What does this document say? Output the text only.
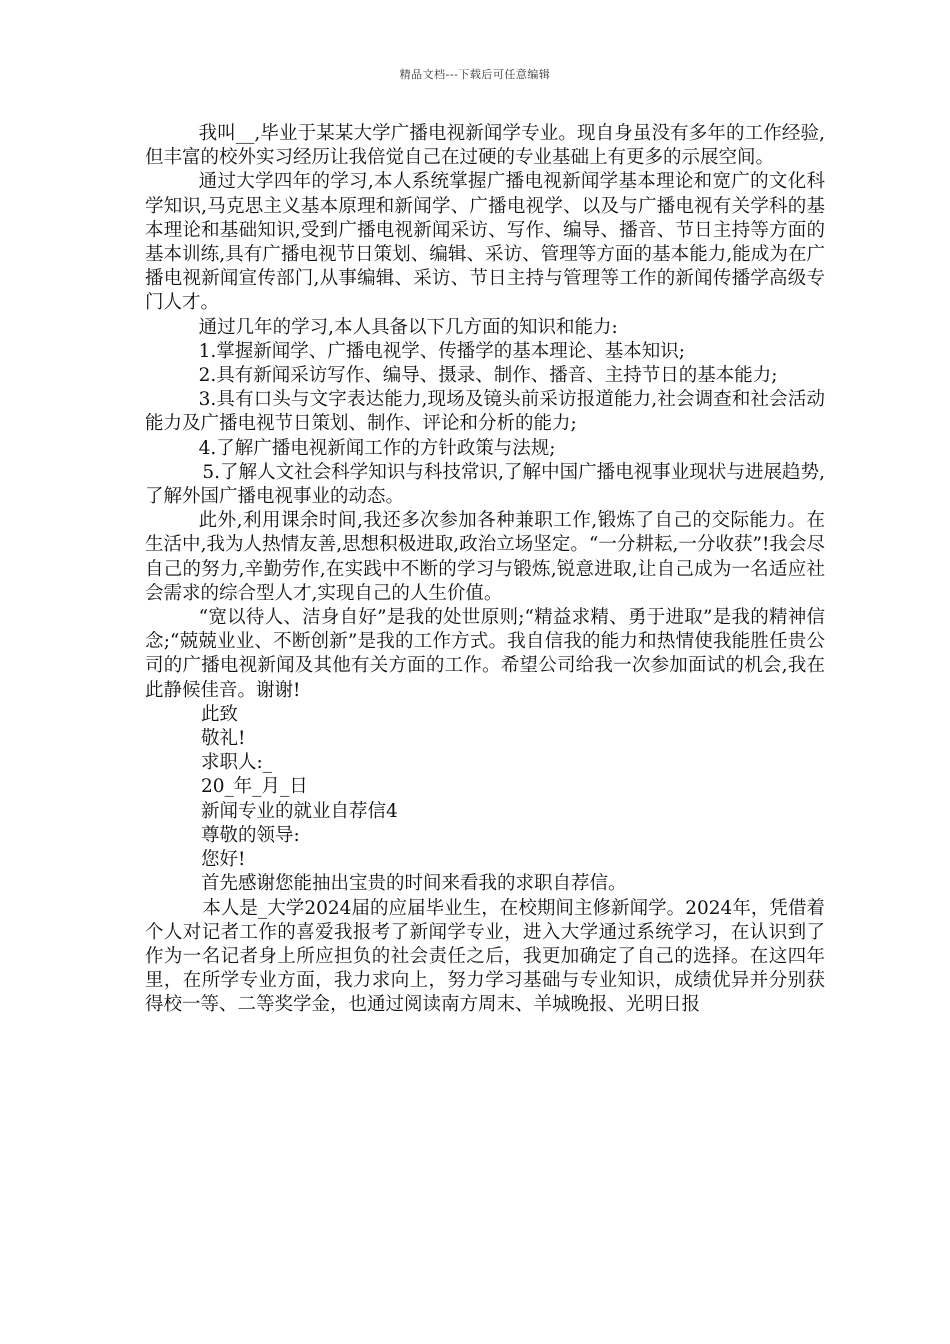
精品文档---下载后可任意编辑

我叫__,毕业于某某大学广播电视新闻学专业。现自身虽没有多年的工作经验,但丰富的校外实习经历让我倍觉自己在过硬的专业基础上有更多的示展空间。

通过大学四年的学习,本人系统掌握广播电视新闻学基本理论和宽广的文化科学知识,马克思主义基本原理和新闻学、广播电视学、以及与广播电视有关学科的基本理论和基础知识,受到广播电视新闻采访、写作、编导、播音、节日主持等方面的基本训练,具有广播电视节日策划、编辑、采访、管理等方面的基本能力,能成为在广播电视新闻宣传部门,从事编辑、采访、节日主持与管理等工作的新闻传播学高级专门人才。

通过几年的学习,本人具备以下几方面的知识和能力:

1.掌握新闻学、广播电视学、传播学的基本理论、基本知识;

2.具有新闻采访写作、编导、摄录、制作、播音、主持节日的基本能力;

3.具有口头与文字表达能力,现场及镜头前采访报道能力,社会调查和社会活动能力及广播电视节日策划、制作、评论和分析的能力;

4.了解广播电视新闻工作的方针政策与法规;

5.了解人文社会科学知识与科技常识,了解中国广播电视事业现状与进展趋势,了解外国广播电视事业的动态。

此外,利用课余时间,我还多次参加各种兼职工作,锻炼了自己的交际能力。在生活中,我为人热情友善,思想积极进取,政治立场坚定。“一分耕耘,一分收获”!我会尽自己的努力,辛勤劳作,在实践中不断的学习与锻炼,锐意进取,让自己成为一名适应社会需求的综合型人才,实现自己的人生价值。

“宽以待人、洁身自好”是我的处世原则;“精益求精、勇于进取”是我的精神信念;“兢兢业业、不断创新”是我的工作方式。我自信我的能力和热情使我能胜任贵公司的广播电视新闻及其他有关方面的工作。希望公司给我一次参加面试的机会,我在此静候佳音。谢谢!

此致

敬礼!

求职人:_

20_年_月_日

新闻专业的就业自荐信4

尊敬的领导:

您好!

首先感谢您能抽出宝贵的时间来看我的求职自荐信。

本人是_大学2024届的应届毕业生，在校期间主修新闻学。2024年，凭借着个人对记者工作的喜爱我报考了新闻学专业，进入大学通过系统学习，在认识到了作为一名记者身上所应担负的社会责任之后，我更加确定了自己的选择。在这四年里，在所学专业方面，我力求向上，努力学习基础与专业知识，成绩优异并分别获得校一等、二等奖学金，也通过阅读南方周末、羊城晚报、光明日报
